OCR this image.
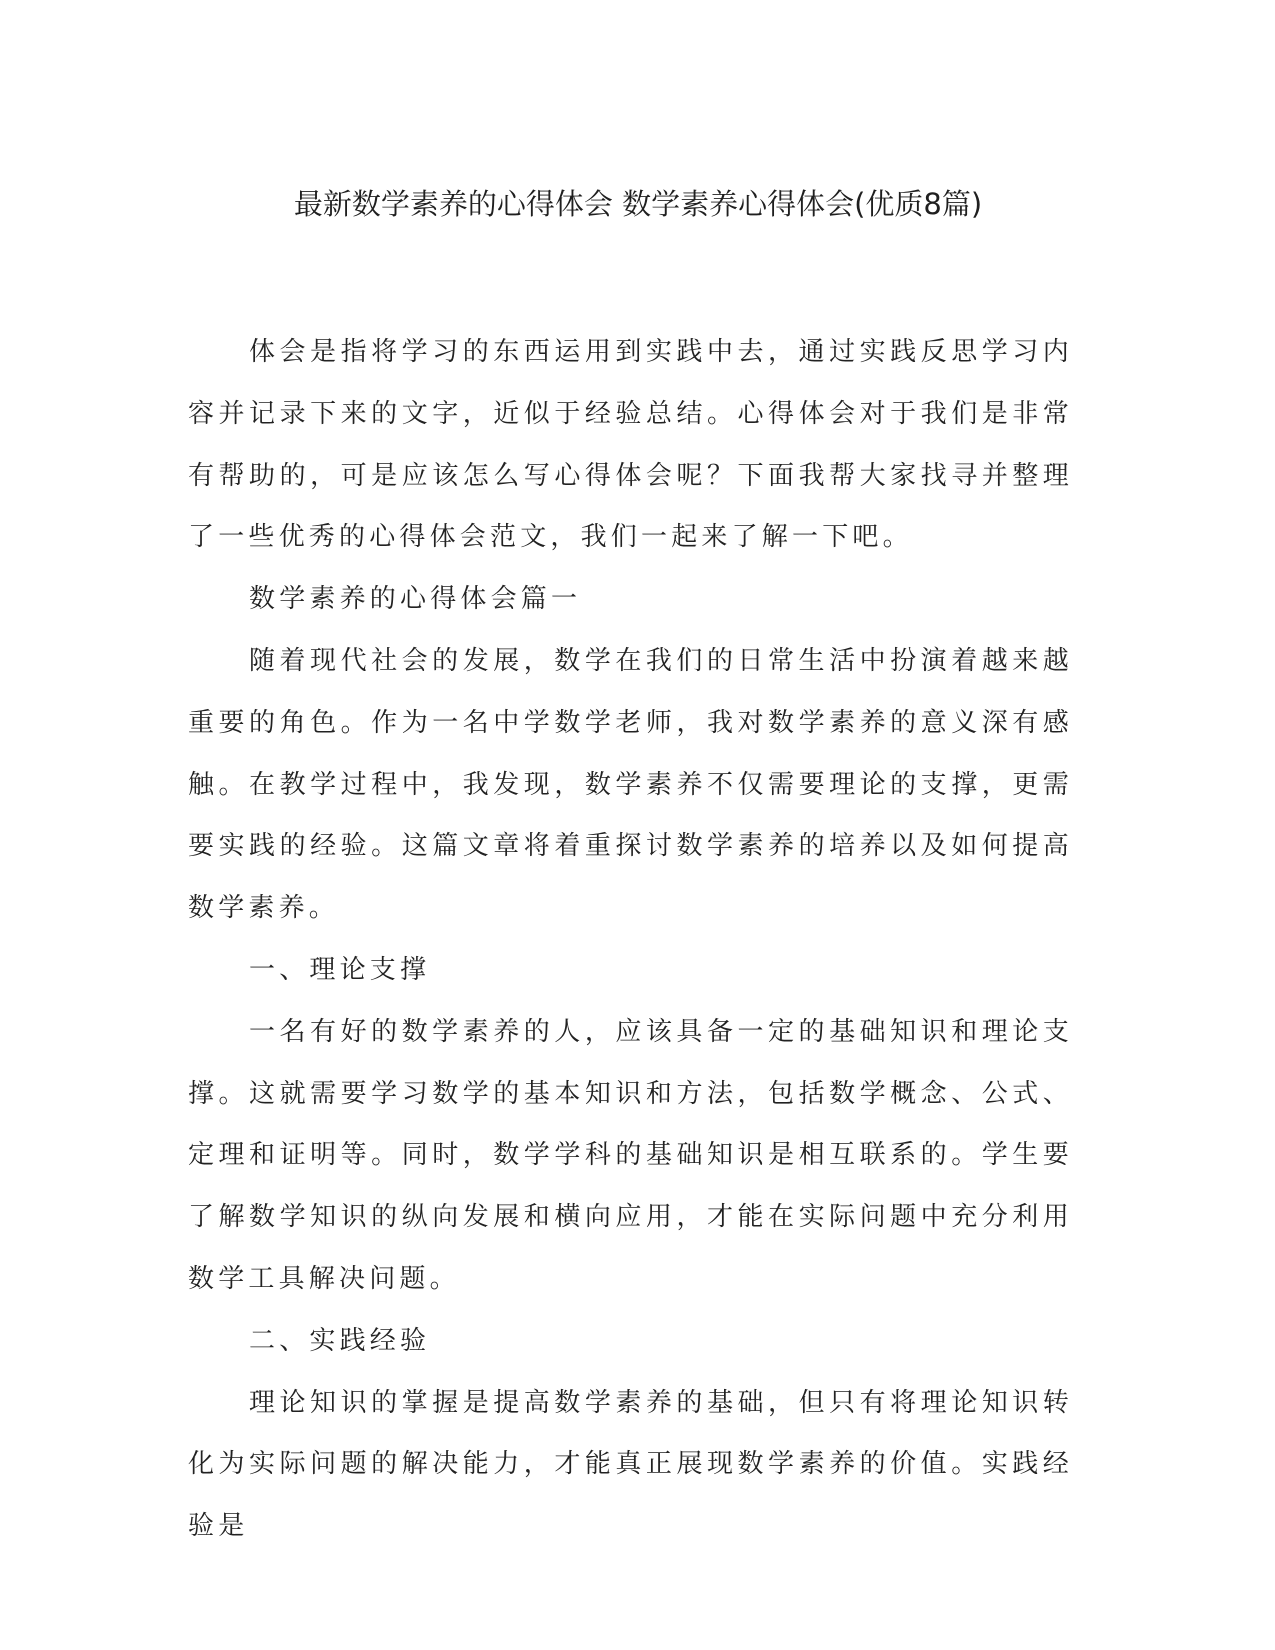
最新数学素养的心得体会 数学素养心得体会(优质8篇)

体会是指将学习的东西运用到实践中去，通过实践反思学习内容并记录下来的文字，近似于经验总结。心得体会对于我们是非常有帮助的，可是应该怎么写心得体会呢？下面我帮大家找寻并整理了一些优秀的心得体会范文，我们一起来了解一下吧。

数学素养的心得体会篇一

随着现代社会的发展，数学在我们的日常生活中扮演着越来越重要的角色。作为一名中学数学老师，我对数学素养的意义深有感触。在教学过程中，我发现，数学素养不仅需要理论的支撑，更需要实践的经验。这篇文章将着重探讨数学素养的培养以及如何提高数学素养。

一、理论支撑

一名有好的数学素养的人，应该具备一定的基础知识和理论支撑。这就需要学习数学的基本知识和方法，包括数学概念、公式、定理和证明等。同时，数学学科的基础知识是相互联系的。学生要了解数学知识的纵向发展和横向应用，才能在实际问题中充分利用数学工具解决问题。

二、实践经验

理论知识的掌握是提高数学素养的基础，但只有将理论知识转化为实际问题的解决能力，才能真正展现数学素养的价值。实践经验是
